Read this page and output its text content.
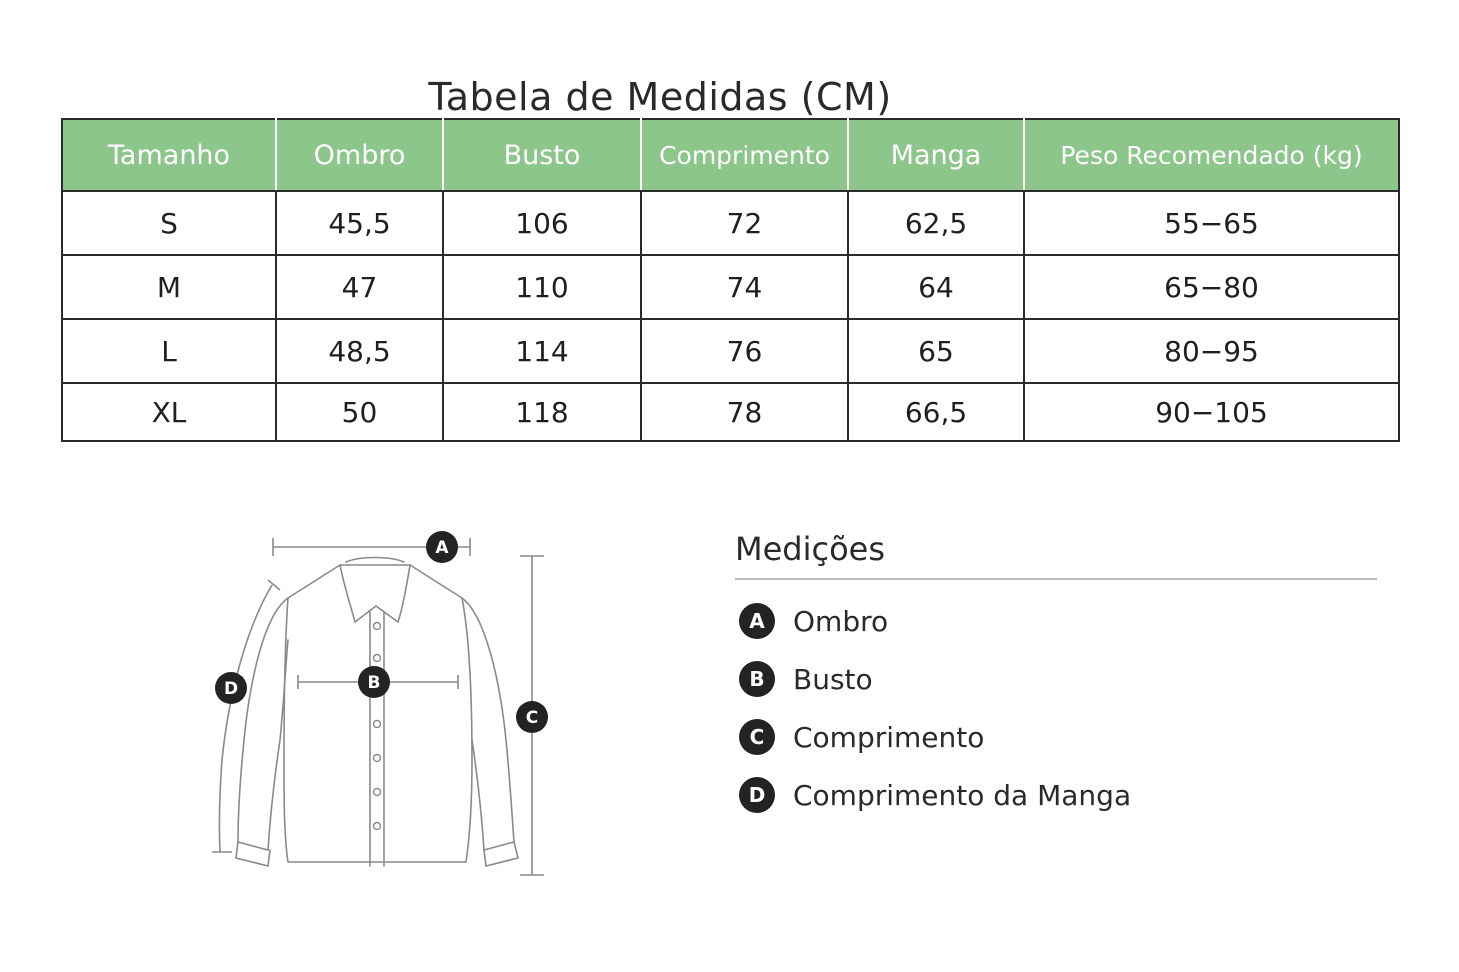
Tabela de Medidas (CM)
Tamanho	Ombro	Busto	Comprimento	Manga	Peso Recomendado (kg)
S	45,5	106	72	62,5	55−65
M	47	110	74	64	65−80
L	48,5	114	76	65	80−95
XL	50	118	78	66,5	90−105
A
B
C
D
Medições
A	Ombro
B	Busto
C	Comprimento
D Comprimento da Manga
